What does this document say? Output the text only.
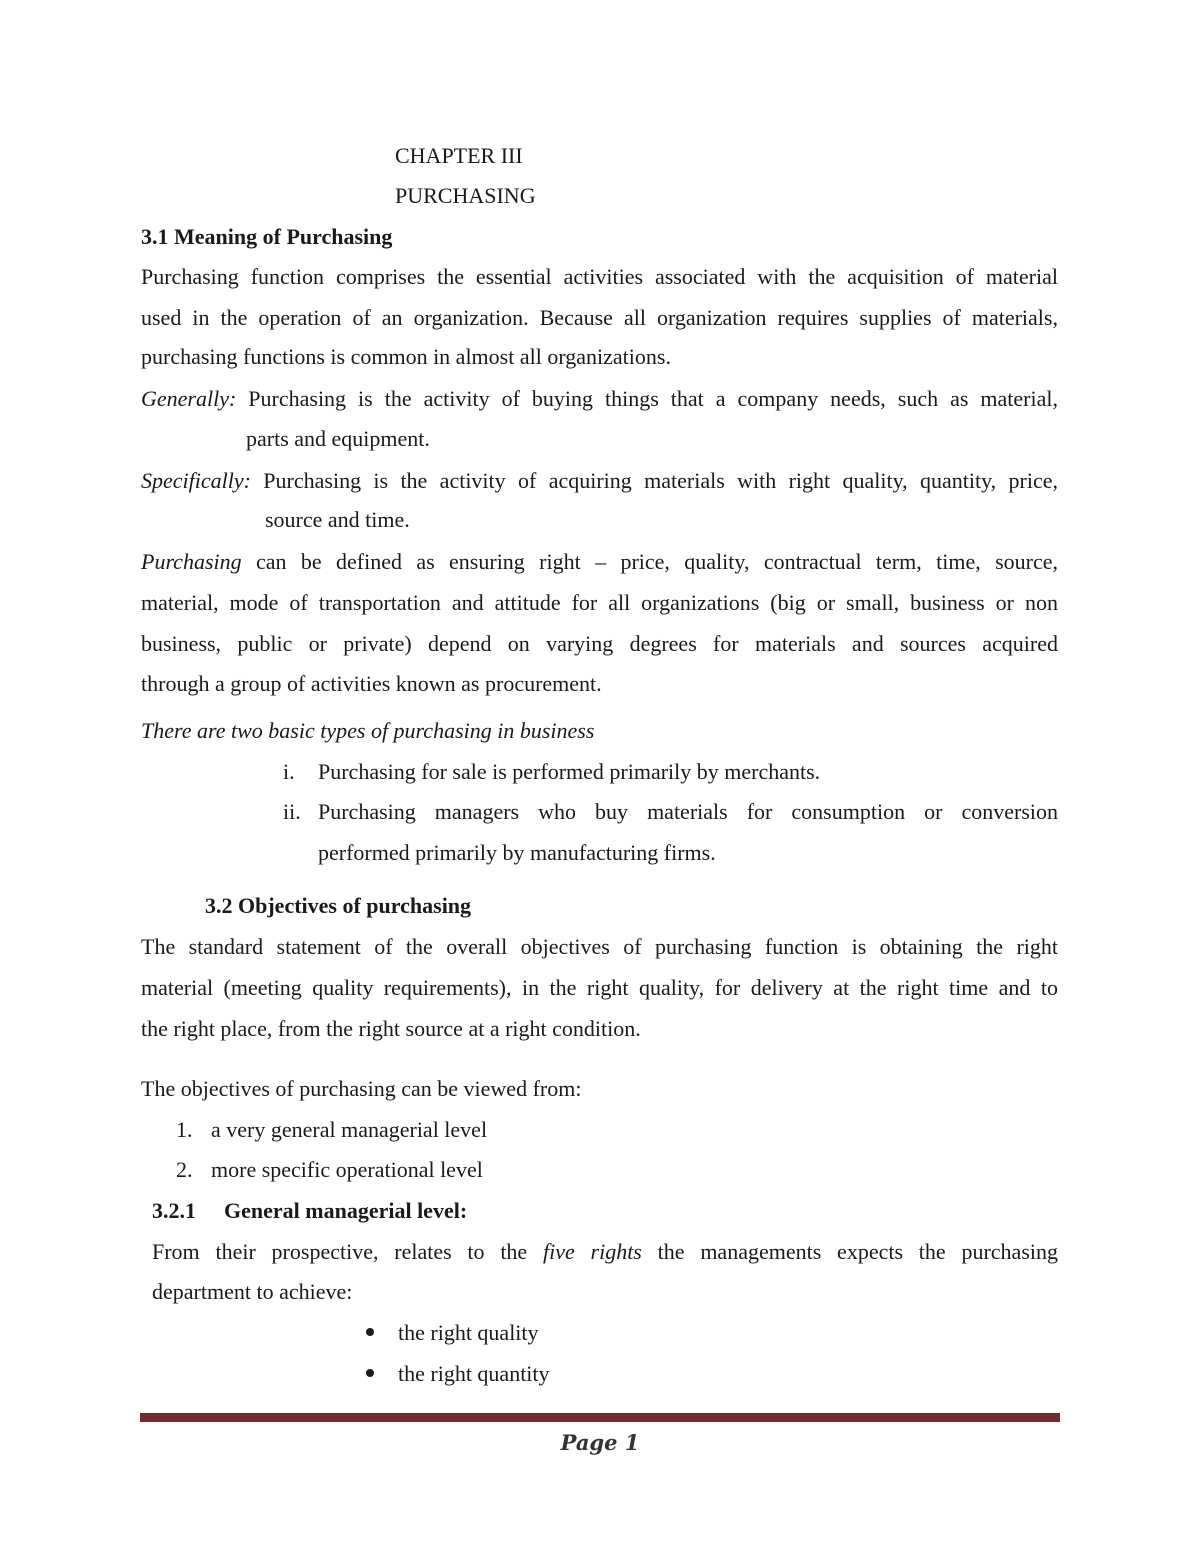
CHAPTER III
PURCHASING
3.1 Meaning of Purchasing
Purchasing function comprises the essential activities associated with the acquisition of material
used in the operation of an organization. Because all organization requires supplies of materials,
purchasing functions is common in almost all organizations.
Generally: Purchasing is the activity of buying things that a company needs, such as material,
parts and equipment.
Specifically: Purchasing is the activity of acquiring materials with right quality, quantity, price,
source and time.
Purchasing can be defined as ensuring right – price, quality, contractual term, time, source,
material, mode of transportation and attitude for all organizations (big or small, business or non
business, public or private) depend on varying degrees for materials and sources acquired
through a group of activities known as procurement.
There are two basic types of purchasing in business
i. Purchasing for sale is performed primarily by merchants.
ii. Purchasing managers who buy materials for consumption or conversion
performed primarily by manufacturing firms.
3.2 Objectives of purchasing
The standard statement of the overall objectives of purchasing function is obtaining the right
material (meeting quality requirements), in the right quality, for delivery at the right time and to
the right place, from the right source at a right condition.
The objectives of purchasing can be viewed from:
1. a very general managerial level
2. more specific operational level
3.2.1 General managerial level:
From their prospective, relates to the five rights the managements expects the purchasing
department to achieve:
the right quality
the right quantity
Page 1
